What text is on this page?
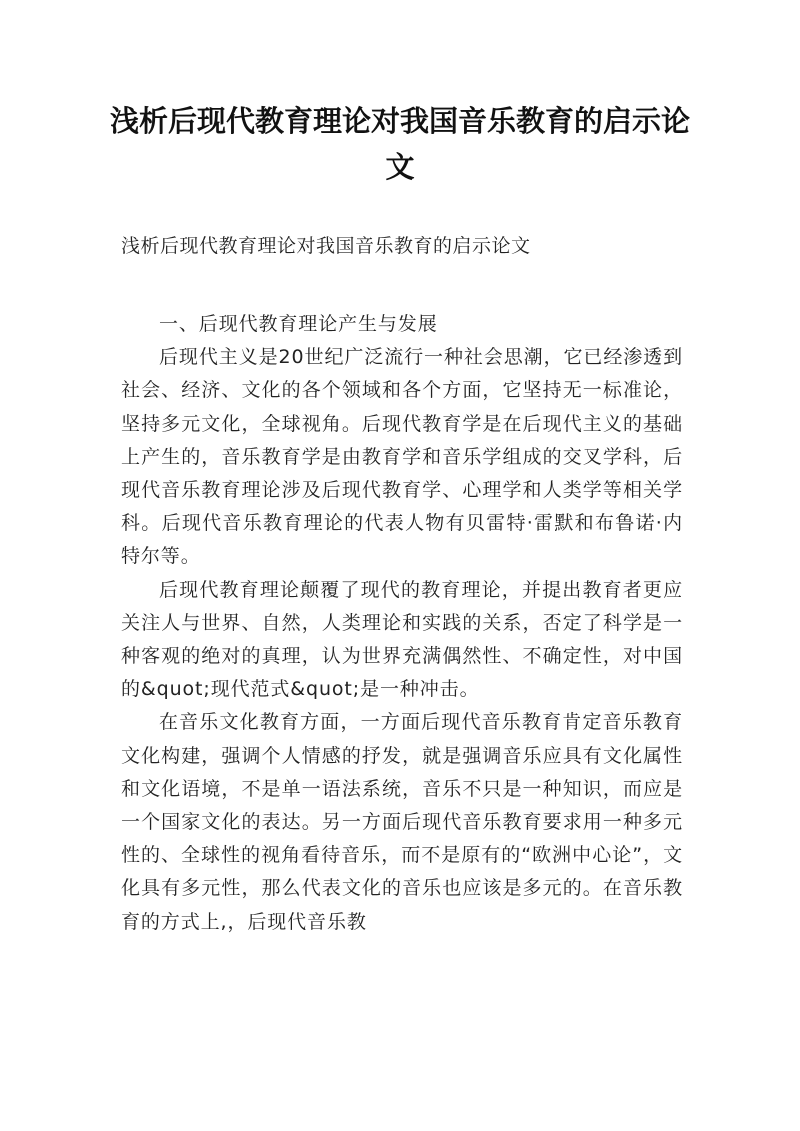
浅析后现代教育理论对我国音乐教育的启示论文
浅析后现代教育理论对我国音乐教育的启示论文

一、后现代教育理论产生与发展

后现代主义是20世纪广泛流行一种社会思潮，它已经渗透到社会、经济、文化的各个领域和各个方面，它坚持无一标准论，坚持多元文化，全球视角。后现代教育学是在后现代主义的基础上产生的，音乐教育学是由教育学和音乐学组成的交叉学科，后现代音乐教育理论涉及后现代教育学、心理学和人类学等相关学科。后现代音乐教育理论的代表人物有贝雷特·雷默和布鲁诺·内特尔等。

后现代教育理论颠覆了现代的教育理论，并提出教育者更应关注人与世界、自然，人类理论和实践的关系，否定了科学是一种客观的绝对的真理，认为世界充满偶然性、不确定性，对中国的&quot;现代范式&quot;是一种冲击。

在音乐文化教育方面，一方面后现代音乐教育肯定音乐教育文化构建，强调个人情感的抒发，就是强调音乐应具有文化属性和文化语境，不是单一语法系统，音乐不只是一种知识，而应是一个国家文化的表达。另一方面后现代音乐教育要求用一种多元性的、全球性的视角看待音乐，而不是原有的“欧洲中心论”，文化具有多元性，那么代表文化的音乐也应该是多元的。在音乐教育的方式上,，后现代音乐教
